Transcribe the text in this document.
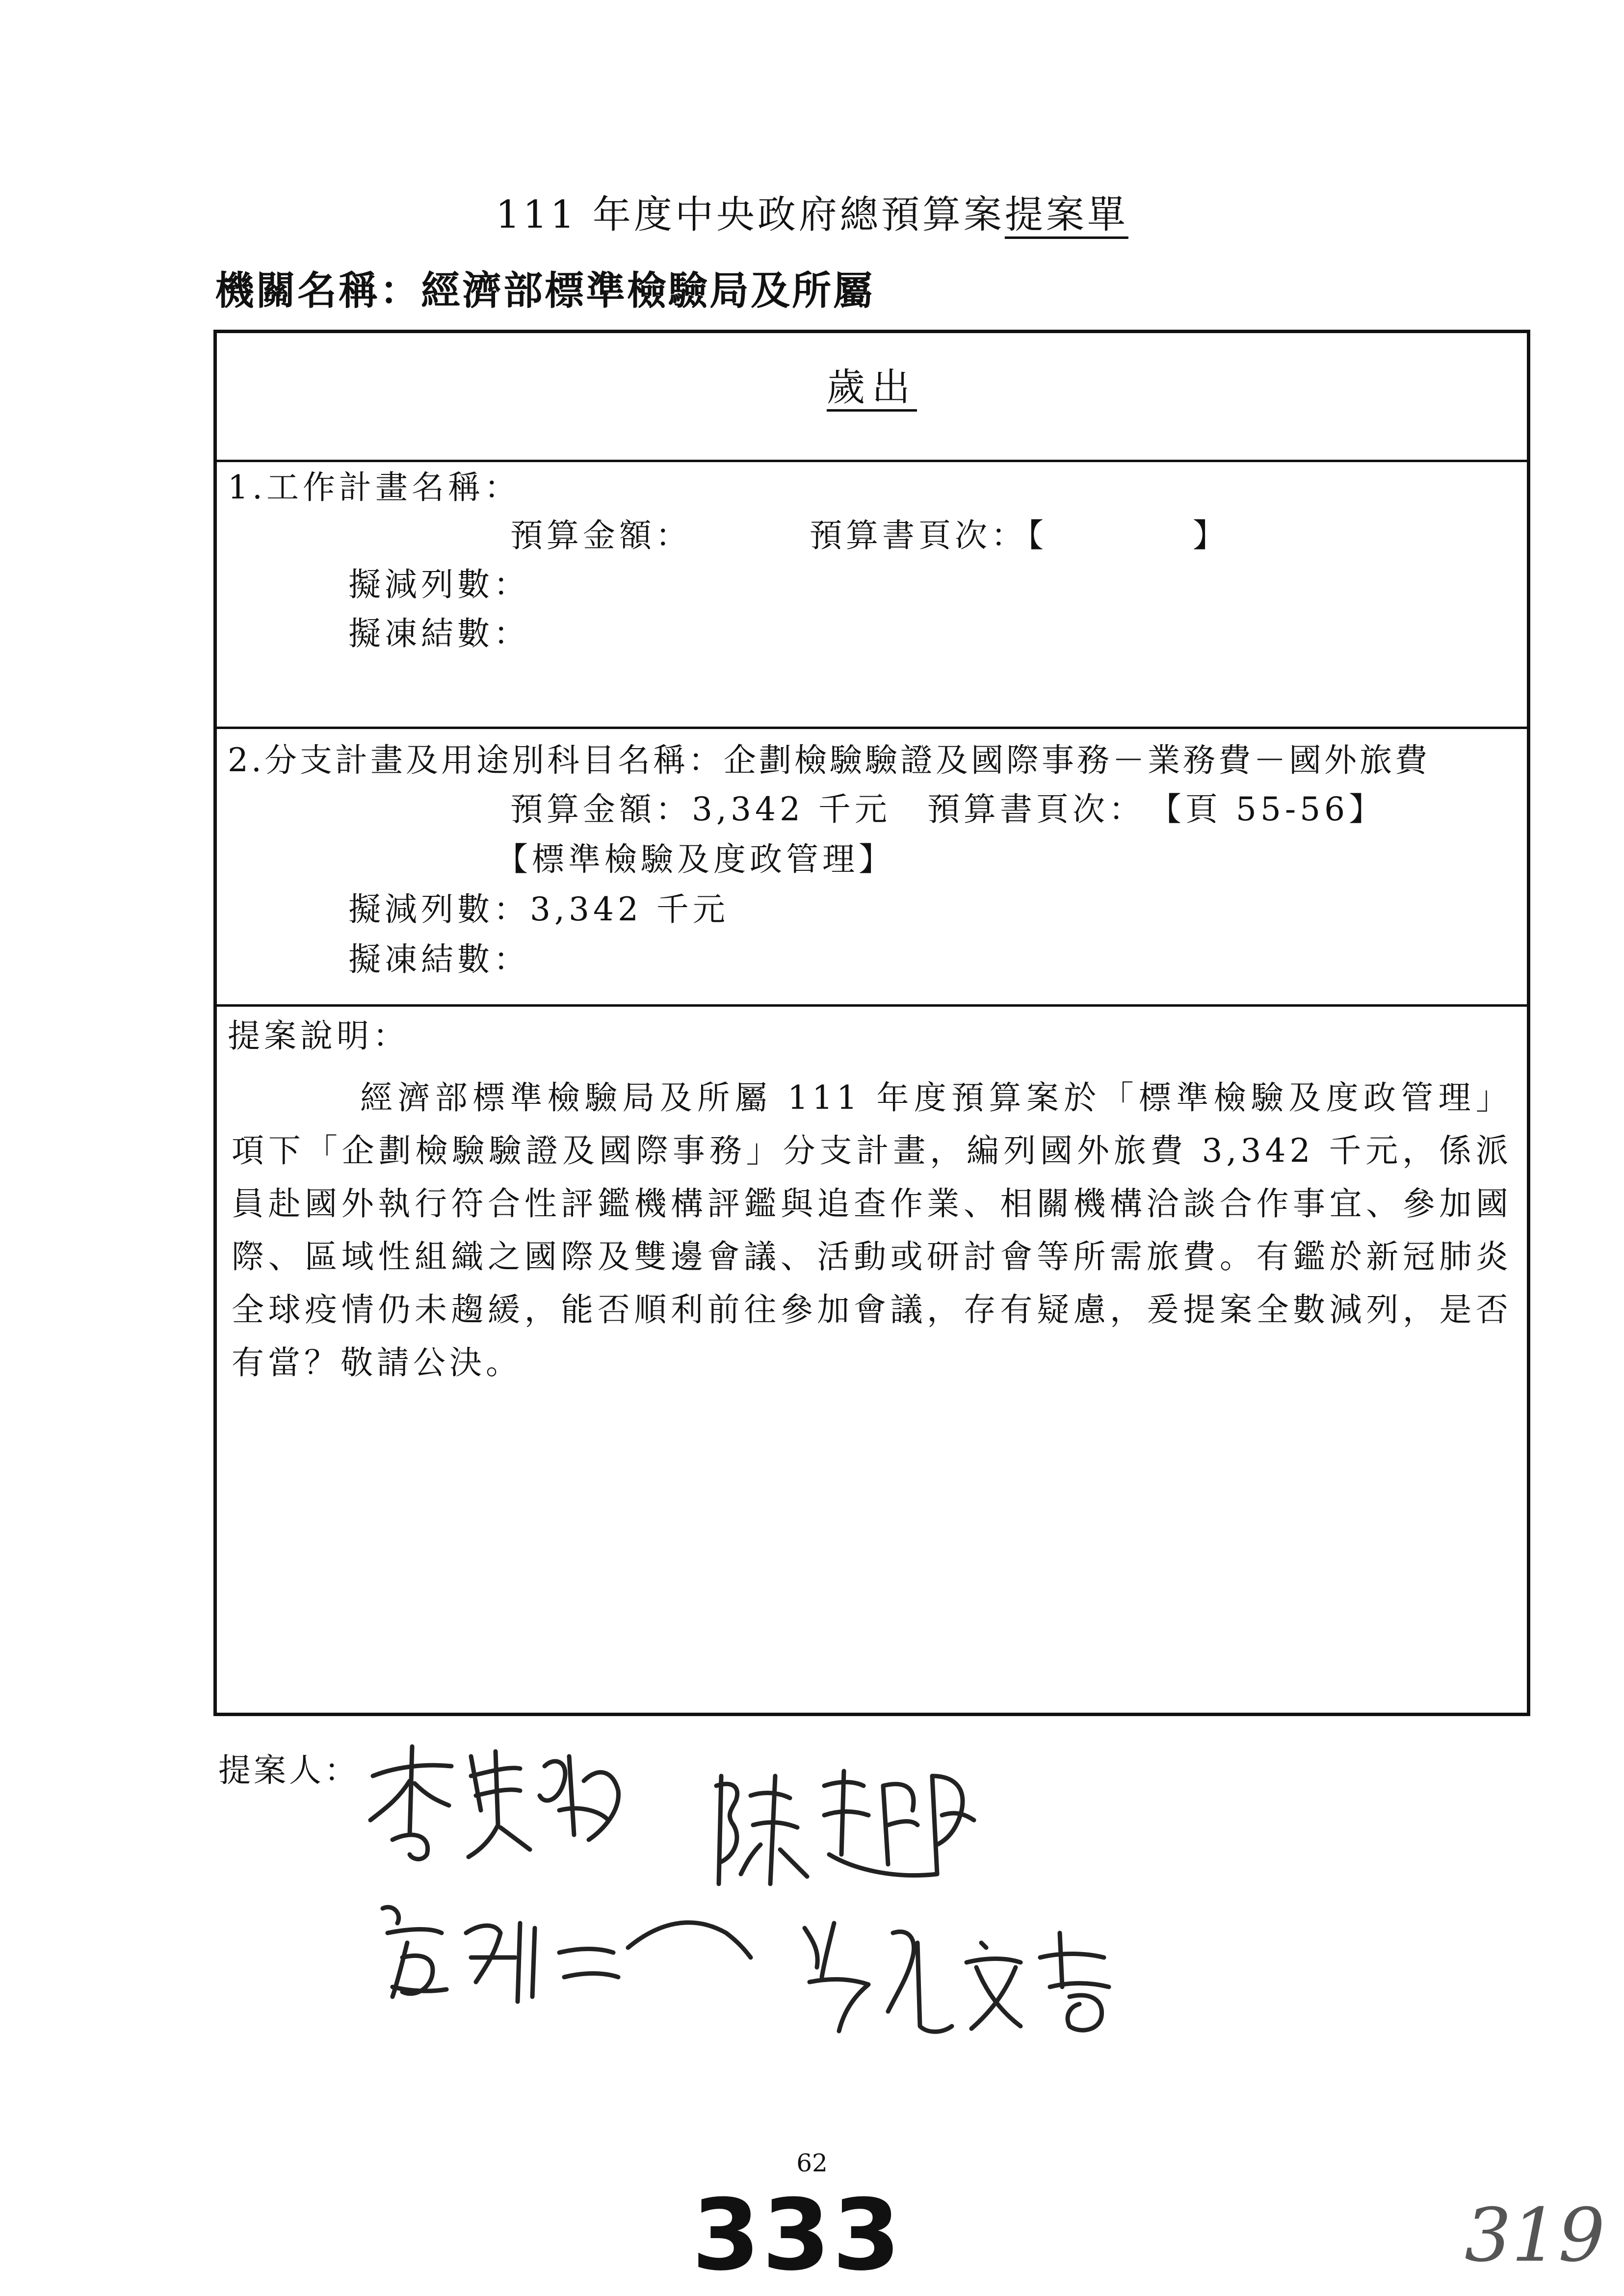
111 年度中央政府總預算案提案單
機關名稱：經濟部標準檢驗局及所屬
歲出
1.工作計畫名稱：
預算金額：	預算書頁次：【　　　　】
擬減列數：
擬凍結數：
2.分支計畫及用途別科目名稱：企劃檢驗驗證及國際事務－業務費－國外旅費
預算金額：3,342 千元　預算書頁次：　【頁 55-56】
【標準檢驗及度政管理】
擬減列數：3,342 千元
擬凍結數：
提案說明：
經濟部標準檢驗局及所屬 111 年度預算案於「標準檢驗及度政管理」項下「企劃檢驗驗證及國際事務」分支計畫，編列國外旅費 3,342 千元，係派員赴國外執行符合性評鑑機構評鑑與追查作業、相關機構洽談合作事宜、參加國際、區域性組織之國際及雙邊會議、活動或研討會等所需旅費。有鑑於新冠肺炎全球疫情仍未趨緩，能否順利前往參加會議，存有疑慮，爰提案全數減列，是否有當？敬請公決。
提案人：
62
333	319
